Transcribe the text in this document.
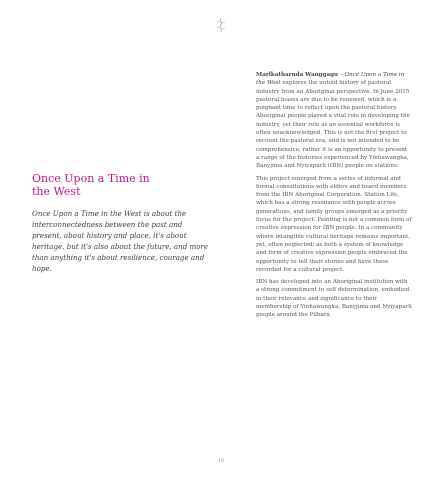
Once Upon a Time in the West

Once Upon a Time in the West is about the interconnectedness between the past and present, about history and place, it's about heritage, but it's also about the future, and more than anything it's about resilience, courage and hope.

Marlkatharnda Wanggagu – Once Upon a Time in the West explores the untold history of pastoral industry from an Aboriginal perspective. In June 2015 pastoral leases are due to be renewed, which is a poignant time to reflect upon the pastoral history. Aboriginal people played a vital role in developing the industry, yet their role as an essential workforce is often unacknowledged. This is not the first project to recount the pastoral era, and is not intended to be comprehensive, rather it is an opportunity to present a range of the histories experienced by Yinhawangka, Banyjima and Nyiyaparli (IBN) people on stations.

This project emerged from a series of informal and formal consultations with elders and board members from the IBN Aboriginal Corporation. Station Life, which has a strong resonance with people across generations, and family groups emerged as a priority focus for the project. Painting is not a common form of creative expression for IBN people. In a community where intangible cultural heritage remains important, yet, often neglected; as both a system of knowledge and form of creative expression people embraced the opportunity to tell their stories and have these recorded for a cultural project.

IBN has developed into an Aboriginal institution with a strong commitment to self determination, embodied in their relevance and significance to their membership of Yinhawangka, Banyjima and Nyiyaparli people around the Pilbara

10
